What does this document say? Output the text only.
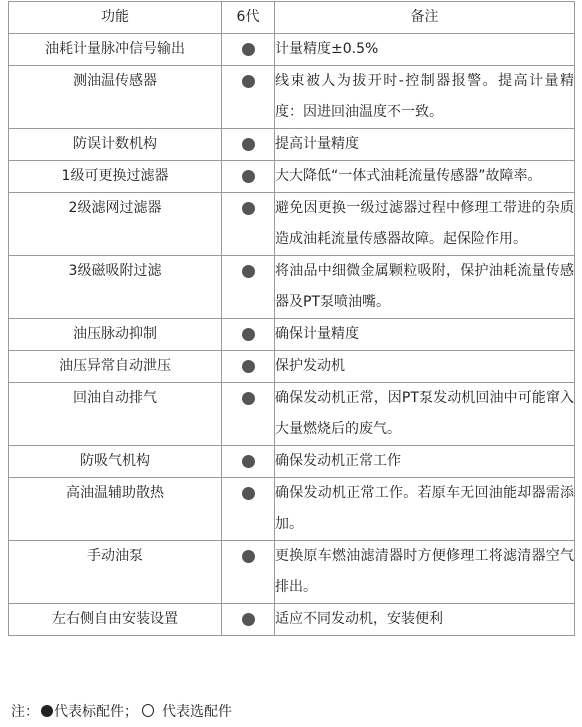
功能	6代	备注
油耗计量脉冲信号输出		计量精度±0.5%
测油温传感器		线束被人为拔开时-控制器报警。提高计量精度：因进回油温度不一致。
防误计数机构		提高计量精度
1级可更换过滤器		大大降低“一体式油耗流量传感器”故障率。
2级滤网过滤器		避免因更换一级过滤器过程中修理工带进的杂质造成油耗流量传感器故障。起保险作用。
3级磁吸附过滤		将油品中细微金属颗粒吸附，保护油耗流量传感器及PT泵喷油嘴。
油压脉动抑制		确保计量精度
油压异常自动泄压		保护发动机
回油自动排气		确保发动机正常，因PT泵发动机回油中可能窜入大量燃烧后的废气。
防吸气机构		确保发动机正常工作
高油温辅助散热		确保发动机正常工作。若原车无回油能却器需添加。
手动油泵		更换原车燃油滤清器时方便修理工将滤清器空气排出。
左右侧自由安装设置		适应不同发动机，安装便利
注： 代表标配件； 代表选配件
